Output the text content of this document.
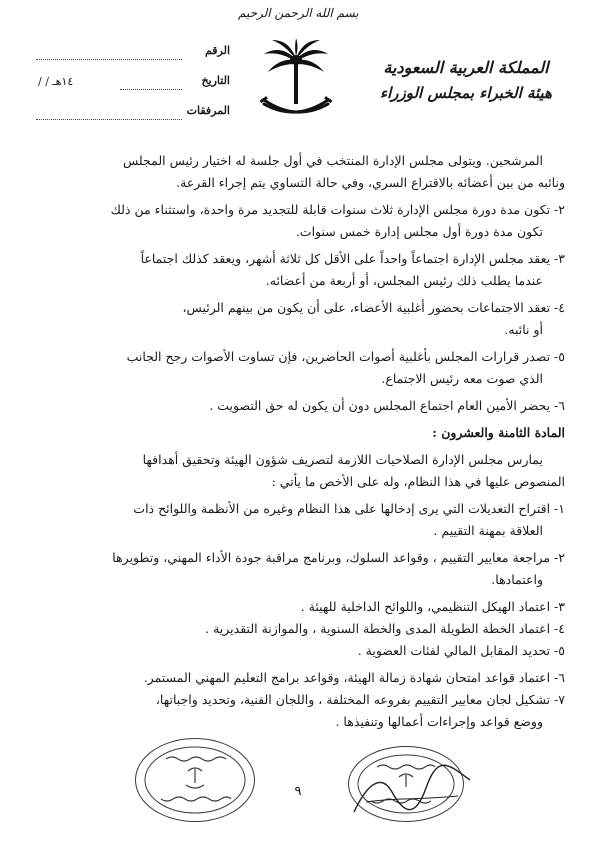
بسم الله الرحمن الرحيم
المملكة العربية السعودية
هيئة الخبراء بمجلس الوزراء
الرقم
التاريخ
/ / ١٤هـ
المرفقات
المرشحين. ويتولى مجلس الإدارة المنتخب في أول جلسة له اختيار رئيس المجلس
ونائبه من بين أعضائه بالاقتراع السري، وفي حالة التساوي يتم إجراء القرعة.
٢- تكون مدة دورة مجلس الإدارة ثلاث سنوات قابلة للتجديد مرة واحدة، واستثناء من ذلك
تكون مدة دورة أول مجلس إدارة خمس سنوات.
٣- يعقد مجلس الإدارة اجتماعاً واحداً على الأقل كل ثلاثة أشهر، ويعقد كذلك اجتماعاً
عندما يطلب ذلك رئيس المجلس، أو أربعة من أعضائه.
٤- تعقد الاجتماعات بحضور أغلبية الأعضاء، على أن يكون من بينهم الرئيس،
أو نائبه.
٥- تصدر قرارات المجلس بأغلبية أصوات الحاضرين، فإن تساوت الأصوات رجح الجانب
الذي صوت معه رئيس الاجتماع.
٦- يحضر الأمين العام اجتماع المجلس دون أن يكون له حق التصويت .
المادة الثامنة والعشرون :
يمارس مجلس الإدارة الصلاحيات اللازمة لتصريف شؤون الهيئة وتحقيق أهدافها
المنصوص عليها في هذا النظام، وله على الأخص ما يأتي :
١- اقتراح التعديلات التي يرى إدخالها على هذا النظام وغيره من الأنظمة واللوائح ذات
العلاقة بمهنة التقييم .
٢- مراجعة معايير التقييم ، وقواعد السلوك، وبرنامج مراقبة جودة الأداء المهني، وتطويرها
واعتمادها.
٣- اعتماد الهيكل التنظيمي، واللوائح الداخلية للهيئة .
٤- اعتماد الخطة الطويلة المدى والخطة السنوية ، والموازنة التقديرية .
٥- تحديد المقابل المالي لفئات العضوية .
٦- اعتماد قواعد امتحان شهادة زمالة الهيئة، وقواعد برامج التعليم المهني المستمر.
٧- تشكيل لجان معايير التقييم بفروعه المختلفة ، واللجان الفنية، وتحديد واجباتها،
ووضع قواعد وإجراءات أعمالها وتنفيذها .
٩
